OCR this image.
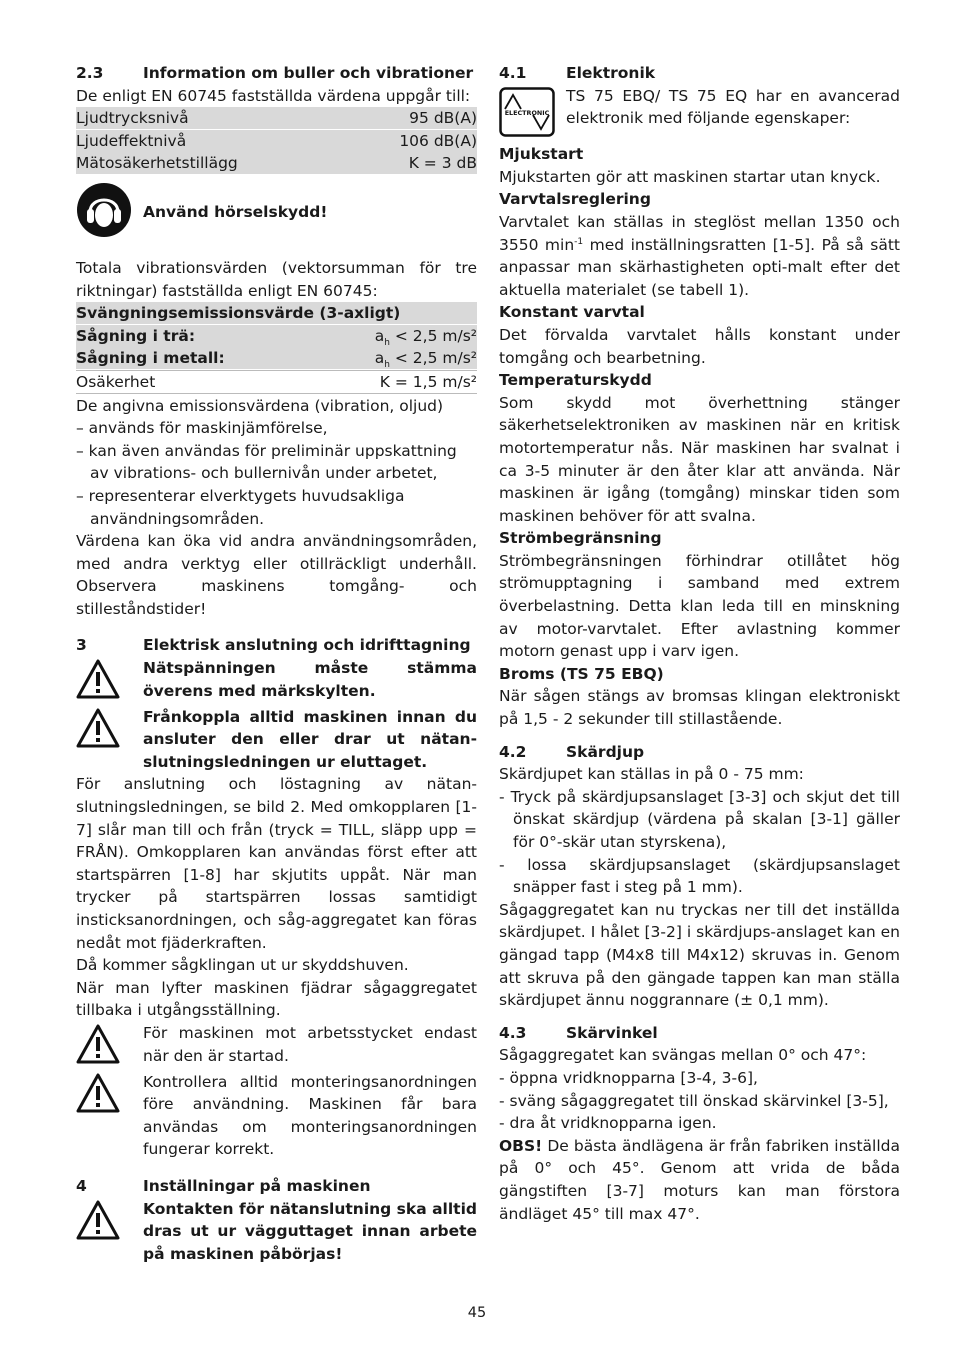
2.3	Information om buller och vibrationer

De enligt EN 60745 fastställda värdena uppgår till:

Ljudtrycksnivå	95 dB(A)
Ljudeffektnivå	106 dB(A)
Mätosäkerhetstillägg	K = 3 dB
Använd hörselskydd!

Totala vibrationsvärden (vektorsumman för tre riktningar) fastställda enligt EN 60745:

Svängningsemissionsvärde (3-axligt)
Sågning i trä:	$a_h < 2,5$ m/s²
Sågning i metall:	$a_h < 2,5$ m/s²
Osäkerhet	K = 1,5 m/s²

De angivna emissionsvärdena (vibration, oljud)

– används för maskinjämförelse,

– kan även användas för preliminär uppskattning av vibrations- och bullernivån under arbetet,

– representerar elverktygets huvudsakliga användningsområden.

Värdena kan öka vid andra användningsområden, med andra verktyg eller otillräckligt underhåll. Observera maskinens tomgång- och stilleståndstider!

3	Elektrisk anslutning och idrifttagning
Nätspänningen måste stämma överens med märkskylten.
Frånkoppla alltid maskinen innan du ansluter den eller drar ut nätan-slutningsledningen ur eluttaget.

För anslutning och löstagning av nätan-slutningsledningen, se bild 2. Med omkopplaren [1-7] slår man till och från (tryck = TILL, släpp upp = FRÅN). Omkopplaren kan användas först efter att startspärren [1-8] har skjutits uppåt. När man trycker på startspärren lossas samtidigt insticksanordningen, och såg-aggregatet kan föras nedåt mot fjäderkraften.

Då kommer sågklingan ut ur skyddshuven.

När man lyfter maskinen fjädrar sågaggregatet tillbaka i utgångsställning.

För maskinen mot arbetsstycket endast när den är startad.
Kontrollera alltid monteringsanordningen före användning. Maskinen får bara användas om monteringsanordningen fungerar korrekt.
4	Inställningar på maskinen
Kontakten för nätanslutning ska alltid dras ut ur vägguttaget innan arbete på maskinen påbörjas!
4.1	Elektronik
ELECTRONIC
TS 75 EBQ/ TS 75 EQ har en avancerad elektronik med följande egenskaper:

Mjukstart

Mjukstarten gör att maskinen startar utan knyck.

Varvtalsreglering

Varvtalet kan ställas in steglöst mellan 1350 och 3550 $\min^{-1}$ med inställningsratten [1-5]. På så sätt anpassar man skärhastigheten opti-malt efter det aktuella materialet (se tabell 1).

Konstant varvtal

Det förvalda varvtalet hålls konstant under tomgång och bearbetning.

Temperaturskydd

Som skydd mot överhettning stänger säkerhetselektroniken av maskinen när en kritisk motortemperatur nås. När maskinen har svalnat i ca 3-5 minuter är den åter klar att använda. När maskinen är igång (tomgång) minskar tiden som maskinen behöver för att svalna.

Strömbegränsning

Strömbegränsningen förhindrar otillåtet hög strömupptagning i samband med extrem överbelastning. Detta klan leda till en minskning av motor-varvtalet. Efter avlastning kommer motorn genast upp i varv igen.

Broms (TS 75 EBQ)

När sågen stängs av bromsas klingan elektroniskt på 1,5 - 2 sekunder till stillastående.

4.2	Skärdjup

Skärdjupet kan ställas in på 0 - 75 mm:

- Tryck på skärdjupsanslaget [3-3] och skjut det till önskat skärdjup (värdena på skalan [3-1] gäller för 0°-skär utan styrskena),

- lossa skärdjupsanslaget (skärdjupsanslaget snäpper fast i steg på 1 mm).

Sågaggregatet kan nu tryckas ner till det inställda skärdjupet. I hålet [3-2] i skärdjups-anslaget kan en gängad tapp (M4x8 till M4x12) skruvas in. Genom att skruva på den gängade tappen kan man ställa skärdjupet ännu noggrannare (± 0,1 mm).

4.3	Skärvinkel

Sågaggregatet kan svängas mellan 0° och 47°:

- öppna vridknopparna [3-4, 3-6],

- sväng sågaggregatet till önskad skärvinkel [3-5],

- dra åt vridknopparna igen.

OBS! De bästa ändlägena är från fabriken inställda på 0° och 45°. Genom att vrida de båda gängstiften [3-7] moturs kan man förstora ändläget 45° till max 47°.

45
